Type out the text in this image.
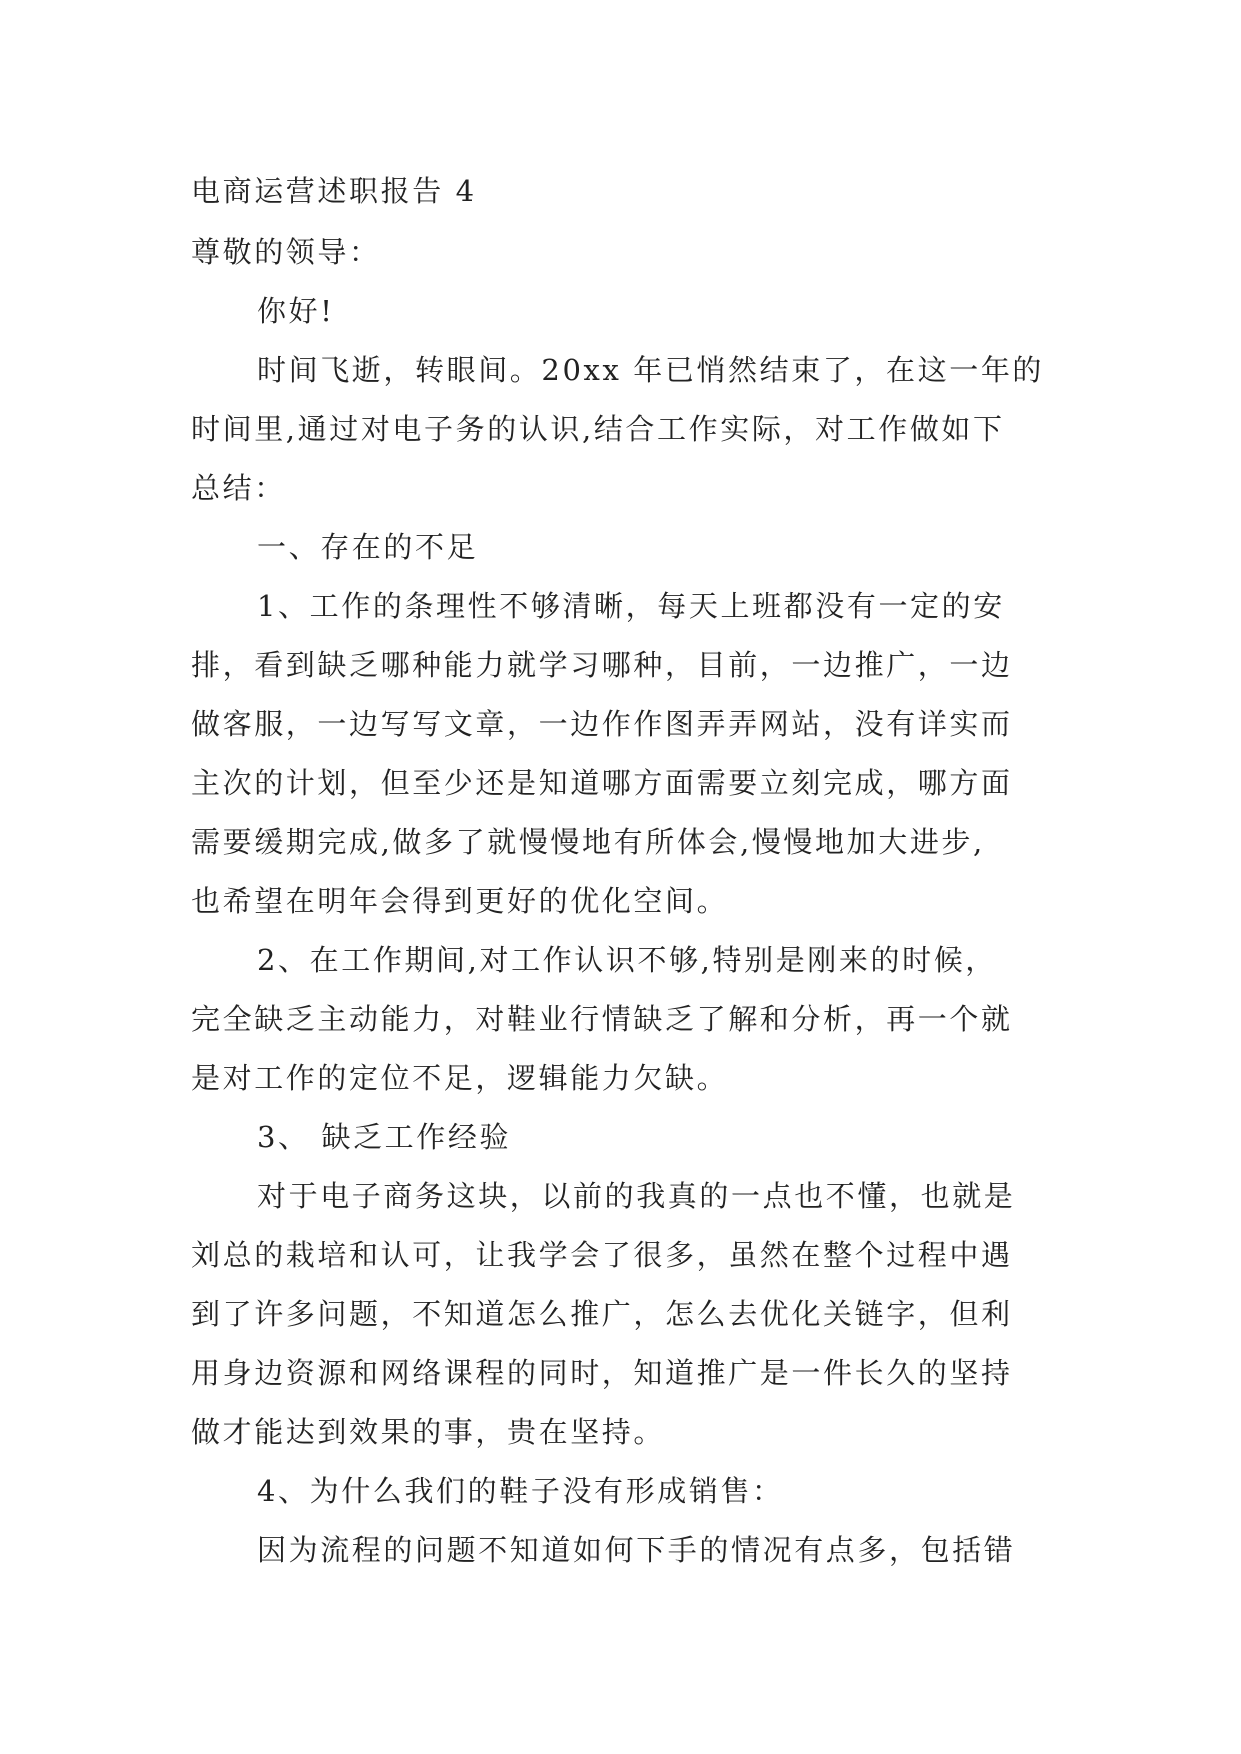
电商运营述职报告 4
尊敬的领导：
你好!
时间飞逝，转眼间。20xx 年已悄然结束了，在这一年的
时间里,通过对电子务的认识,结合工作实际，对工作做如下
总结：
一、存在的不足
1、工作的条理性不够清晰，每天上班都没有一定的安
排，看到缺乏哪种能力就学习哪种，目前，一边推广，一边
做客服，一边写写文章，一边作作图弄弄网站，没有详实而
主次的计划，但至少还是知道哪方面需要立刻完成，哪方面
需要缓期完成,做多了就慢慢地有所体会,慢慢地加大进步,
也希望在明年会得到更好的优化空间。
2、在工作期间,对工作认识不够,特别是刚来的时候，
完全缺乏主动能力，对鞋业行情缺乏了解和分析，再一个就
是对工作的定位不足，逻辑能力欠缺。
3、 缺乏工作经验
对于电子商务这块，以前的我真的一点也不懂，也就是
刘总的栽培和认可，让我学会了很多，虽然在整个过程中遇
到了许多问题，不知道怎么推广，怎么去优化关链字，但利
用身边资源和网络课程的同时，知道推广是一件长久的坚持
做才能达到效果的事，贵在坚持。
4、为什么我们的鞋子没有形成销售：
因为流程的问题不知道如何下手的情况有点多，包括错
